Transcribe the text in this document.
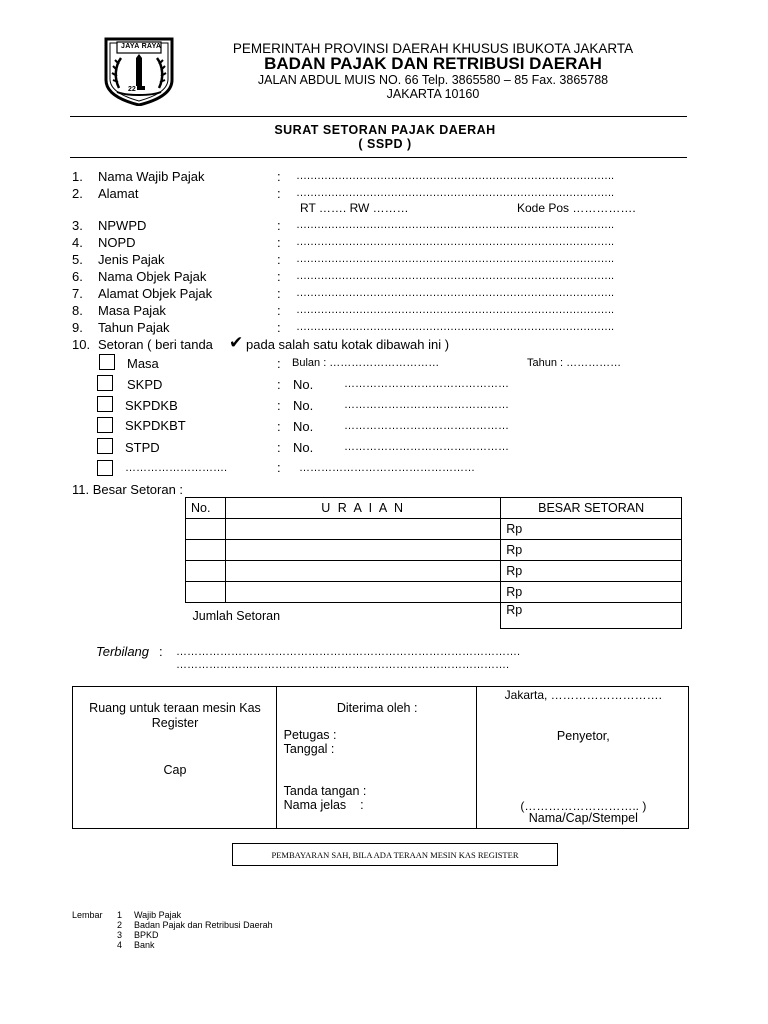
JAYA RAYA
22
PEMERINTAH PROVINSI DAERAH KHUSUS IBUKOTA JAKARTA
BADAN PAJAK DAN RETRIBUSI DAERAH
JALAN ABDUL MUIS NO. 66 Telp. 3865580 – 85 Fax. 3865788
JAKARTA 10160
SURAT SETORAN PAJAK DAERAH
( SSPD )
1. Nama Wajib Pajak	: ……………………………………………………………………………….
2. Alamat	: ……………………………………………………………………………….
RT ……. RW ………	Kode Pos …………….
3. NPWPD	: ……………………………………………………………………………….
4. NOPD	: ……………………………………………………………………………….
5. Jenis Pajak	: ……………………………………………………………………………….
6. Nama Objek Pajak	: ……………………………………………………………………………….
7. Alamat Objek Pajak	: ……………………………………………………………………………….
8. Masa Pajak	: ……………………………………………………………………………….
9. Tahun Pajak	: ……………………………………………………………………………….
10. Setoran ( beri tanda ✔ pada salah satu kotak dibawah ini )
Masa	: Bulan : …………………………	Tahun : ……………
SKPD	: No.	………………………………………
SKPDKB	: No.	………………………………………
SKPDKBT	: No.	………………………………………
STPD	: No.	………………………………………
……………………….	: …………………………………………
11. Besar Setoran :
No.	U R A I A N	BESAR SETORAN
		Rp
		Rp
		Rp
		Rp
Jumlah Setoran		Rp
Terbilang : ………………………………………………………………………………….
……………………………………………………………………………….
Ruang untuk teraan mesin Kas Register
Cap

Diterima oleh :
Petugas :
Tanggal :
Tanda tangan :
Nama jelas    :

Jakarta, ……………………….
Penyetor,
(……………………….. )
Nama/Cap/Stempel
PEMBAYARAN SAH, BILA ADA TERAAN MESIN KAS REGISTER
Lembar 1 Wajib Pajak
2 Badan Pajak dan Retribusi Daerah
3 BPKD
4 Bank
